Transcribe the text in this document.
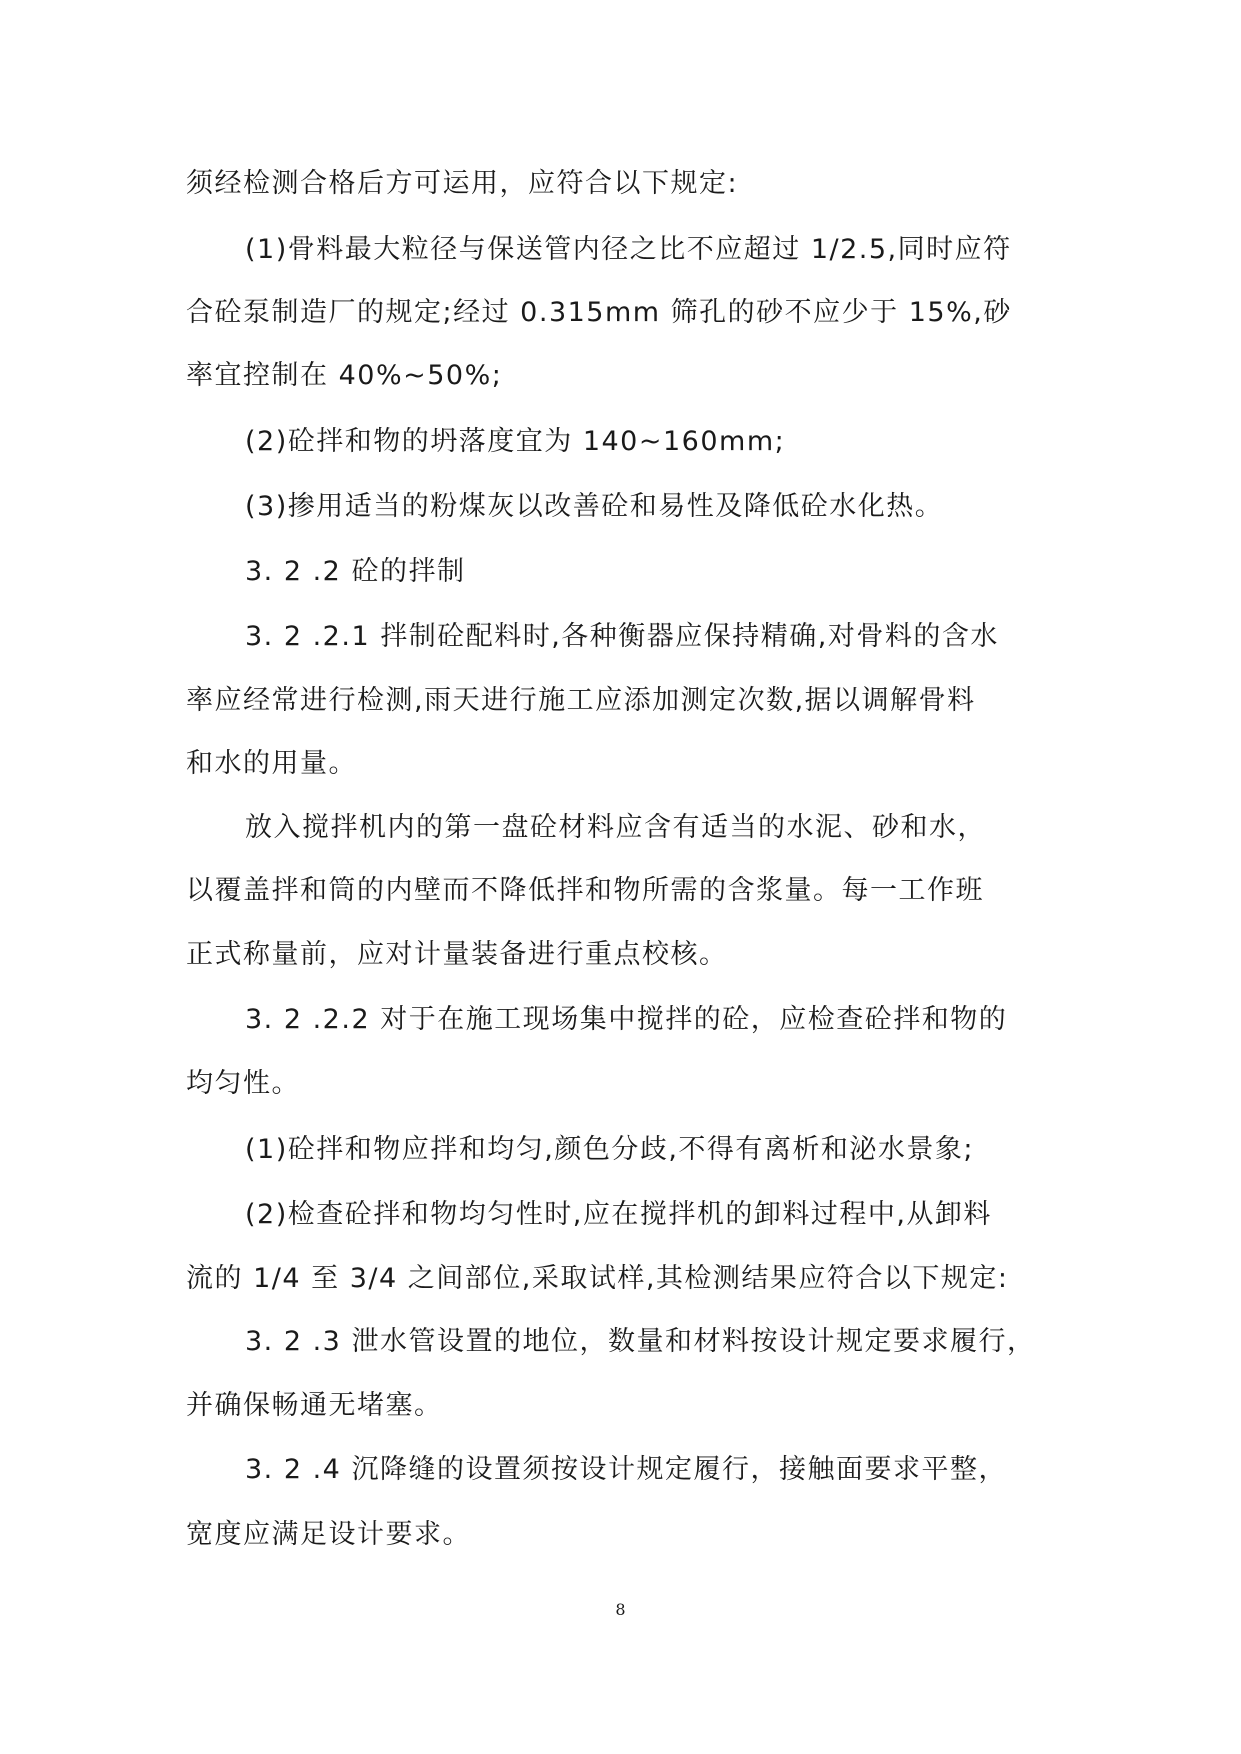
须经检测合格后方可运用，应符合以下规定:
(1)骨料最大粒径与保送管内径之比不应超过 1/2.5,同时应符
合砼泵制造厂的规定;经过 0.315mm 筛孔的砂不应少于 15%,砂
率宜控制在 40%~50%;
(2)砼拌和物的坍落度宜为 140~160mm;
(3)掺用适当的粉煤灰以改善砼和易性及降低砼水化热。
3. 2 .2 砼的拌制
3. 2 .2.1 拌制砼配料时,各种衡器应保持精确,对骨料的含水
率应经常进行检测,雨天进行施工应添加测定次数,据以调解骨料
和水的用量。
放入搅拌机内的第一盘砼材料应含有适当的水泥、砂和水，
以覆盖拌和筒的内壁而不降低拌和物所需的含浆量。每一工作班
正式称量前，应对计量装备进行重点校核。
3. 2 .2.2 对于在施工现场集中搅拌的砼，应检查砼拌和物的
均匀性。
(1)砼拌和物应拌和均匀,颜色分歧,不得有离析和泌水景象;
(2)检查砼拌和物均匀性时,应在搅拌机的卸料过程中,从卸料
流的 1/4 至 3/4 之间部位,采取试样,其检测结果应符合以下规定:
3. 2 .3 泄水管设置的地位，数量和材料按设计规定要求履行，
并确保畅通无堵塞。
3. 2 .4 沉降缝的设置须按设计规定履行，接触面要求平整，
宽度应满足设计要求。
8
